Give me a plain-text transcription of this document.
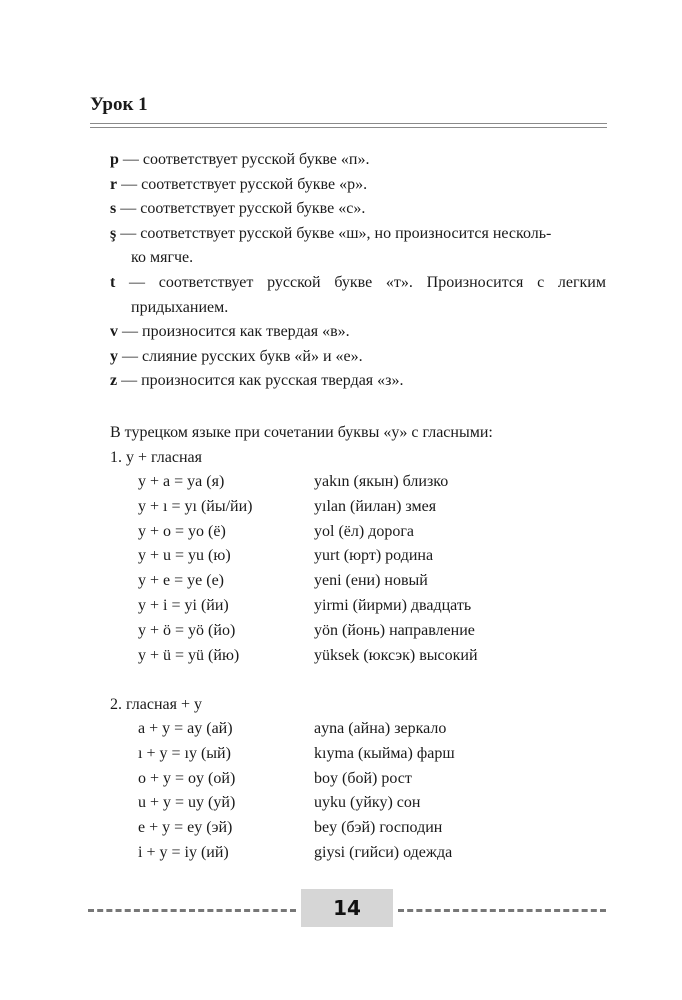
Урок 1

p — соответствует русской букве «п».

r — соответствует русской букве «р».

s — соответствует русской букве «с».

ş — соответствует русской букве «ш», но произносится несколь-

ко мягче.

t — соответствует русской букве «т». Произносится с легким

придыханием.

v — произносится как твердая «в».

y — слияние русских букв «й» и «е».

z — произносится как русская твердая «з».

В турецком языке при сочетании буквы «y» с гласными:
1. y + гласная
y + a = ya (я)	yakın (якын) близко
y + ı = yı (йы/йи)	yılan (йилан) змея
y + o = yo (ё)	yol (ёл) дорога
y + u = yu (ю)	yurt (юрт) родина
y + e = ye (е)	yeni (ени) новый
y + i = yi (йи)	yirmi (йирми) двадцать
y + ö = yö (йо)	yön (йонь) направление
y + ü = yü (йю)	yüksek (юксэк) высокий
2. гласная + y
a + y = ay (ай)	ayna (айна) зеркало
ı + y = ıy (ый)	kıyma (кыйма) фарш
o + y = oy (ой)	boy (бой) рост
u + y = uy (уй)	uyku (уйку) сон
e + y = ey (эй)	bey (бэй) господин
i + y = iy (ий)	giysi (гийси) одежда
14
